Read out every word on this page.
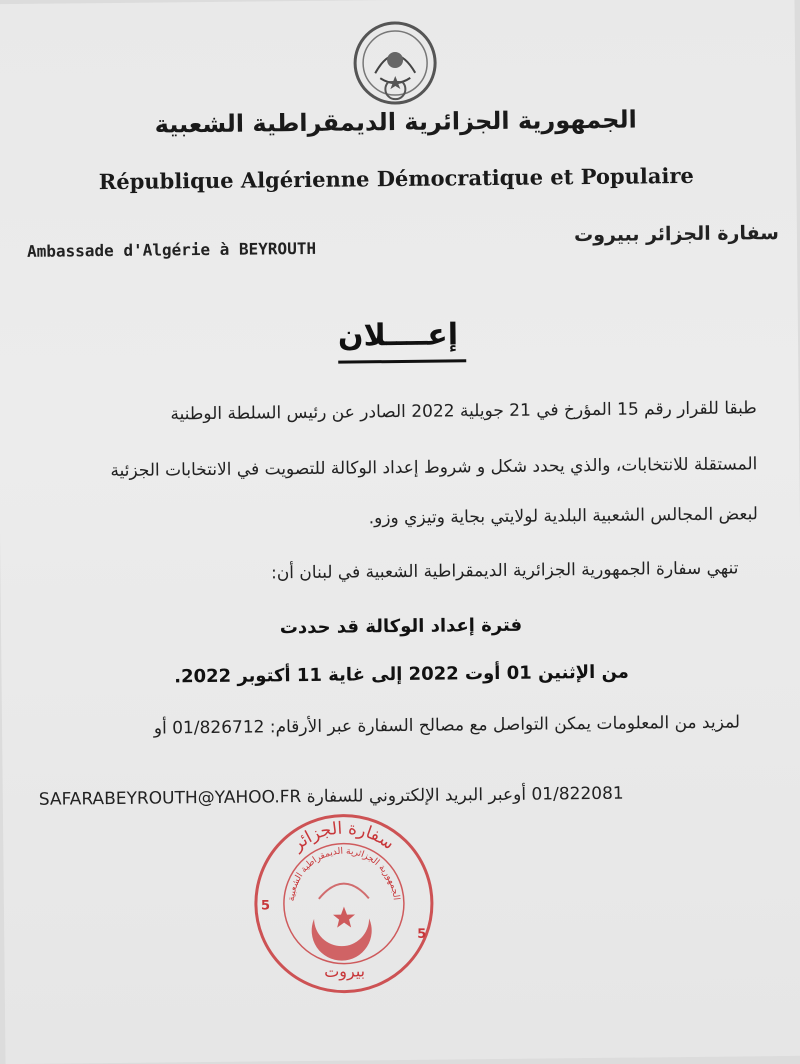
الجمهورية الجزائرية الديمقراطية الشعبية
République Algérienne Démocratique et Populaire
Ambassade d'Algérie à BEYROUTH
سفارة الجزائر ببيروت
إعــــلان
طبقا للقرار رقم 15 المؤرخ في 21 جويلية 2022 الصادر عن رئيس السلطة الوطنية
المستقلة للانتخابات، والذي يحدد شكل و شروط إعداد الوكالة للتصويت في الانتخابات الجزئية
لبعض المجالس الشعبية البلدية لولايتي بجاية وتيزي وزو.
تنهي سفارة الجمهورية الجزائرية الديمقراطية الشعبية في لبنان أن:
فترة إعداد الوكالة قد حددت
من الإثنين 01 أوت 2022 إلى غاية 11 أكتوبر 2022.
لمزيد من المعلومات يمكن التواصل مع مصالح السفارة عبر الأرقام: 01/826712 أو
SAFARABEYROUTH@YAHOO.FR أوعبر البريد الإلكتروني للسفارة 01/822081
سفارة الجزائر
الجمهورية الجزائرية الديمقراطية الشعبية
5
5
بيروت
